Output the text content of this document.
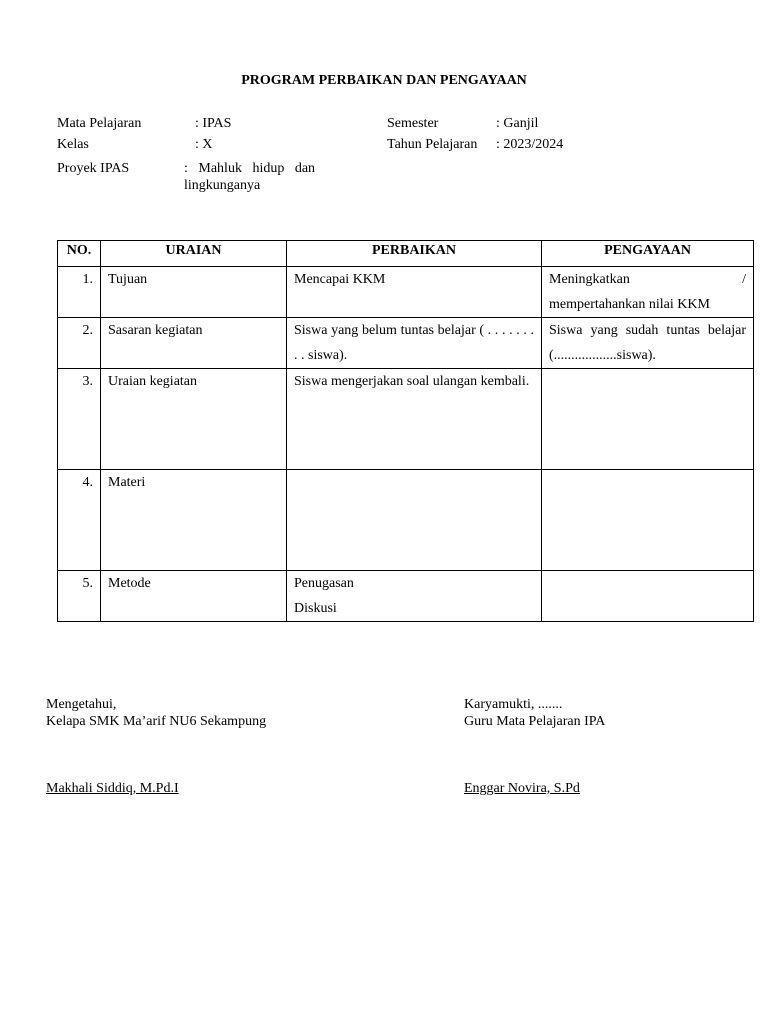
PROGRAM PERBAIKAN DAN PENGAYAAN
Mata Pelajaran	: IPAS
Kelas	: X
Proyek IPAS	:   Mahluk   hidup   dan
lingkunganya
Semester	: Ganjil
Tahun Pelajaran : 2023/2024
NO.	URAIAN	PERBAIKAN	PENGAYAAN
1.	Tujuan	Mencapai KKM	Meningkatkan /
mempertahankan nilai KKM

2.	Sasaran kegiatan	Siswa yang belum tuntas belajar ( . . . . . . . . . siswa).	Siswa yang sudah tuntas belajar (..................siswa).
3.	Uraian kegiatan	Siswa mengerjakan soal ulangan kembali.	
4.	Materi		
5.	Metode	Penugasan
Diskusi	

Mengetahui,
Kelapa SMK Ma’arif NU6 Sekampung
Makhali Siddiq, M.Pd.I
Karyamukti, .......
Guru Mata Pelajaran IPA
Enggar Novira, S.Pd
